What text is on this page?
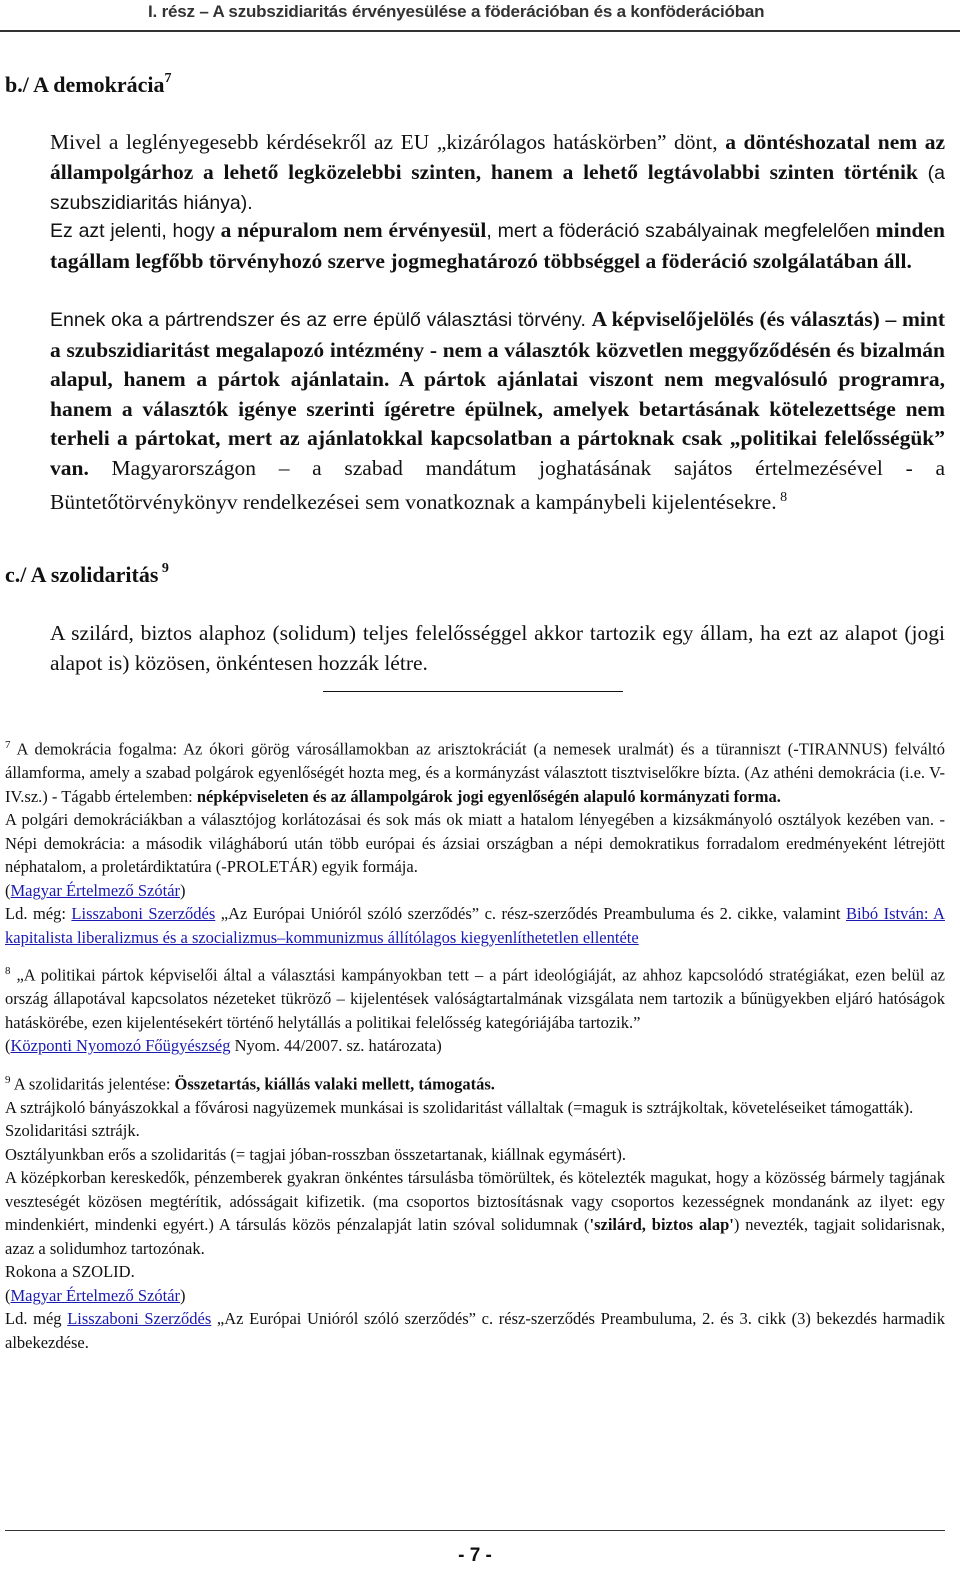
I. rész – A szubszidiaritás érvényesülése a föderációban és a konföderációban
b./ A demokrácia$^7$
Mivel a leglényegesebb kérdésekről az EU „kizárólagos hatáskörben” dönt, a döntéshozatal nem az állampolgárhoz a lehető legközelebbi szinten, hanem a lehető legtávolabbi szinten történik (a szubszidiaritás hiánya).
Ez azt jelenti, hogy a népuralom nem érvényesül, mert a föderáció szabályainak megfelelően minden tagállam legfőbb törvényhozó szerve jogmeghatározó többséggel a föderáció szolgálatában áll.
Ennek oka a pártrendszer és az erre épülő választási törvény. A képviselőjelölés (és választás) – mint a szubszidiaritást megalapozó intézmény - nem a választók közvetlen meggyőződésén és bizalmán alapul, hanem a pártok ajánlatain. A pártok ajánlatai viszont nem megvalósuló programra, hanem a választók igénye szerinti ígéretre épülnek, amelyek betartásának kötelezettsége nem terheli a pártokat, mert az ajánlatokkal kapcsolatban a pártoknak csak „politikai felelősségük” van. Magyarországon – a szabad mandátum joghatásának sajátos értelmezésével - a Büntetőtörvénykönyv rendelkezései sem vonatkoznak a kampánybeli kijelentésekre. $^8$
c./ A szolidaritás $^9$
A szilárd, biztos alaphoz (solidum) teljes felelősséggel akkor tartozik egy állam, ha ezt az alapot (jogi alapot is) közösen, önkéntesen hozzák létre.

$^7$ A demokrácia fogalma: Az ókori görög városállamokban az arisztokráciát (a nemesek uralmát) és a türanniszt (-TIRANNUS) felváltó államforma, amely a szabad polgárok egyenlőségét hozta meg, és a kormányzást választott tisztviselőkre bízta. (Az athéni demokrácia (i.e. V-IV.sz.) - Tágabb értelemben: népképviseleten és az állampolgárok jogi egyenlőségén alapuló kormányzati forma.

A polgári demokráciákban a választójog korlátozásai és sok más ok miatt a hatalom lényegében a kizsákmányoló osztályok kezében van. - Népi demokrácia: a második világháború után több európai és ázsiai országban a népi demokratikus forradalom eredményeként létrejött néphatalom, a proletárdiktatúra (-PROLETÁR) egyik formája.

(Magyar Értelmező Szótár)

Ld. még: Lisszaboni Szerződés „Az Európai Unióról szóló szerződés” c. rész-szerződés Preambuluma és 2. cikke, valamint Bibó István: A kapitalista liberalizmus és a szocializmus–kommunizmus állítólagos kiegyenlíthetetlen ellentéte

$^8$ „A politikai pártok képviselői által a választási kampányokban tett – a párt ideológiáját, az ahhoz kapcsolódó stratégiákat, ezen belül az ország állapotával kapcsolatos nézeteket tükröző – kijelentések valóságtartalmának vizsgálata nem tartozik a bűnügyekben eljáró hatóságok hatáskörébe, ezen kijelentésekért történő helytállás a politikai felelősség kategóriájába tartozik.”

(Központi Nyomozó Főügyészség Nyom. 44/2007. sz. határozata)

$^9$ A szolidaritás jelentése: Összetartás, kiállás valaki mellett, támogatás.

A sztrájkoló bányászokkal a fővárosi nagyüzemek munkásai is szolidaritást vállaltak (=maguk is sztrájkoltak, követeléseiket támogatták).

Szolidaritási sztrájk.

Osztályunkban erős a szolidaritás (= tagjai jóban-rosszban összetartanak, kiállnak egymásért).

A középkorban kereskedők, pénzemberek gyakran önkéntes társulásba tömörültek, és kötelezték magukat, hogy a közösség bármely tagjának veszteségét közösen megtérítik, adósságait kifizetik. (ma csoportos biztosításnak vagy csoportos kezességnek mondanánk az ilyet: egy mindenkiért, mindenki egyért.) A társulás közös pénzalapját latin szóval solidumnak ('szilárd, biztos alap') nevezték, tagjait solidarisnak, azaz a solidumhoz tartozónak.

Rokona a SZOLID.

(Magyar Értelmező Szótár)

Ld. még Lisszaboni Szerződés „Az Európai Unióról szóló szerződés” c. rész-szerződés Preambuluma, 2. és 3. cikk (3) bekezdés harmadik albekezdése.

- 7 -
